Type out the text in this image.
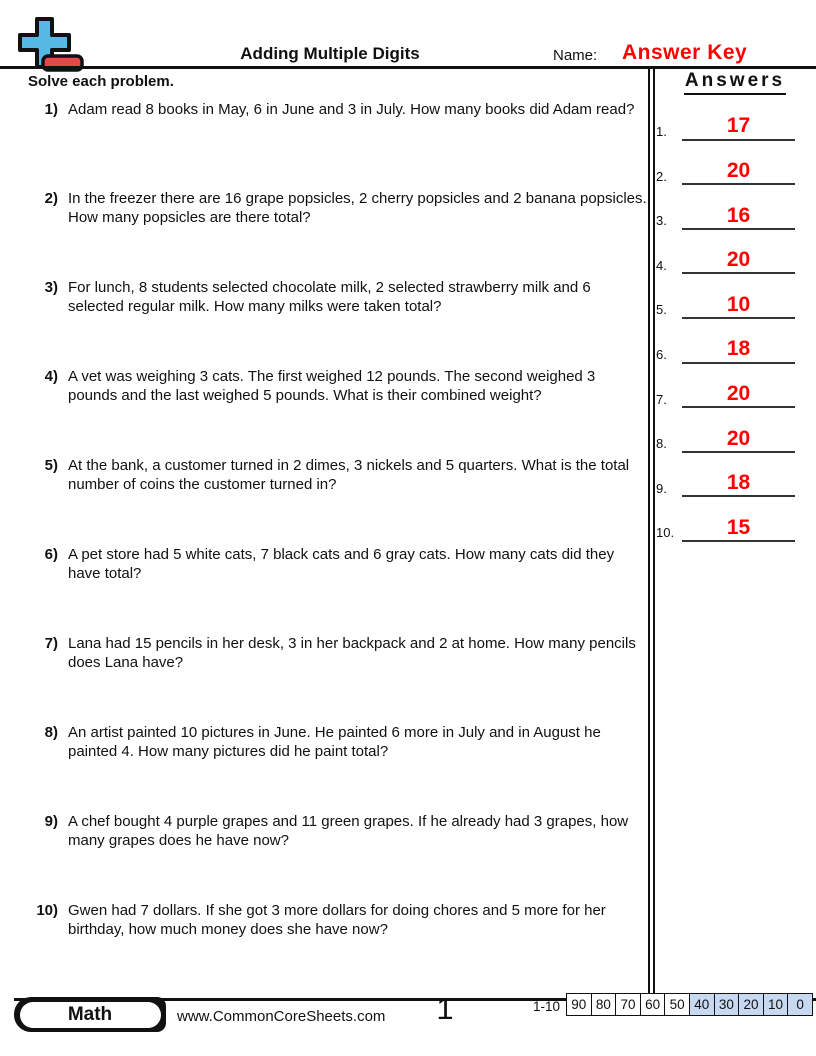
Adding Multiple Digits	Name: Answer Key
Solve each problem.
1) Adam read 8 books in May, 6 in June and 3 in July. How many books did Adam read?
2) In the freezer there are 16 grape popsicles, 2 cherry popsicles and 2 banana popsicles. How many popsicles are there total?
3) For lunch, 8 students selected chocolate milk, 2 selected strawberry milk and 6 selected regular milk. How many milks were taken total?
4) A vet was weighing 3 cats. The first weighed 12 pounds. The second weighed 3 pounds and the last weighed 5 pounds. What is their combined weight?
5) At the bank, a customer turned in 2 dimes, 3 nickels and 5 quarters. What is the total number of coins the customer turned in?
6) A pet store had 5 white cats, 7 black cats and 6 gray cats. How many cats did they have total?
7) Lana had 15 pencils in her desk, 3 in her backpack and 2 at home. How many pencils does Lana have?
8) An artist painted 10 pictures in June. He painted 6 more in July and in August he painted 4. How many pictures did he paint total?
9) A chef bought 4 purple grapes and 11 green grapes. If he already had 3 grapes, how many grapes does he have now?
10) Gwen had 7 dollars. If she got 3 more dollars for doing chores and 5 more for her birthday, how much money does she have now?
Answers
1.	17
2.	20
3.	16
4.	20
5.	10
6.	18
7.	20
8.	20
9.	18
10.	15
Math	www.CommonCoreSheets.com	1	1-10 90	80	70	60	50	40	30	20	10	0
